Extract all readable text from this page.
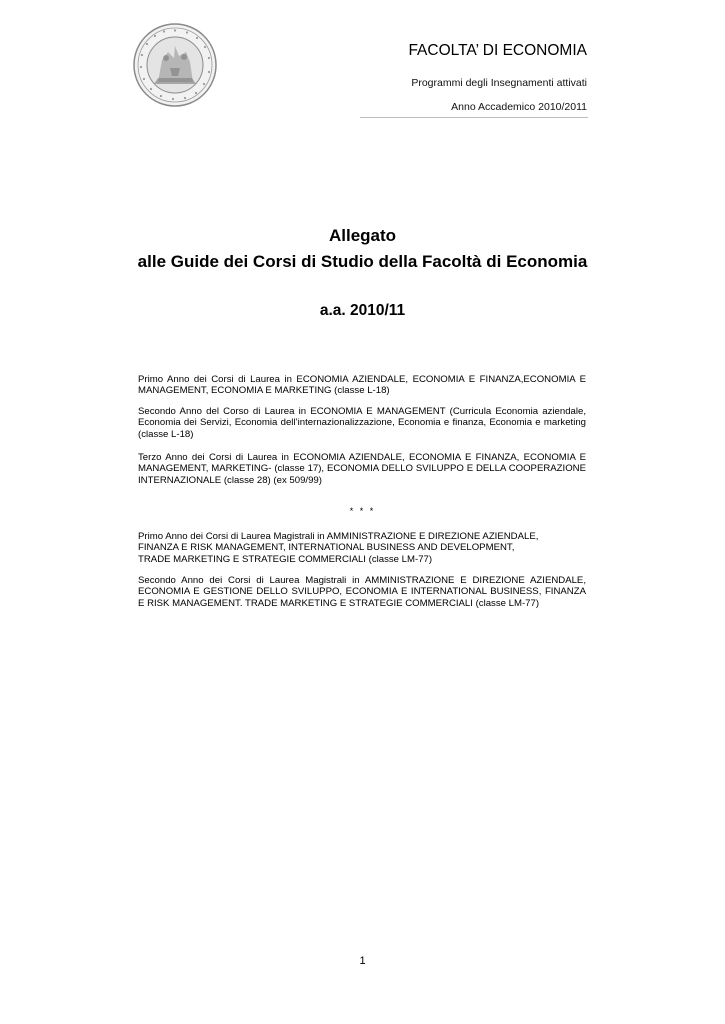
FACOLTA’ DI ECONOMIA
Programmi degli Insegnamenti attivati
Anno Accademico 2010/2011
Allegato
alle Guide dei Corsi di Studio della Facoltà di Economia
a.a. 2010/11
Primo Anno dei Corsi di Laurea in ECONOMIA AZIENDALE, ECONOMIA E FINANZA,ECONOMIA E MANAGEMENT, ECONOMIA E MARKETING (classe L-18)
Secondo Anno del Corso di Laurea in ECONOMIA E MANAGEMENT (Curricula Economia aziendale, Economia dei Servizi, Economia dell’internazionalizzazione, Economia e finanza, Economia e marketing (classe L-18)
Terzo Anno dei Corsi di Laurea in ECONOMIA AZIENDALE, ECONOMIA E FINANZA, ECONOMIA E MANAGEMENT, MARKETING- (classe 17), ECONOMIA DELLO SVILUPPO E DELLA COOPERAZIONE INTERNAZIONALE (classe 28) (ex 509/99)
* * *
Primo Anno dei Corsi di Laurea Magistrali in AMMINISTRAZIONE E DIREZIONE AZIENDALE,
FINANZA E RISK MANAGEMENT, INTERNATIONAL BUSINESS AND DEVELOPMENT,
TRADE MARKETING E STRATEGIE COMMERCIALI (classe LM-77)
Secondo Anno dei Corsi di Laurea Magistrali in AMMINISTRAZIONE E DIREZIONE AZIENDALE, ECONOMIA E GESTIONE DELLO SVILUPPO, ECONOMIA E INTERNATIONAL BUSINESS, FINANZA E RISK MANAGEMENT. TRADE MARKETING E STRATEGIE COMMERCIALI (classe LM-77)
1
